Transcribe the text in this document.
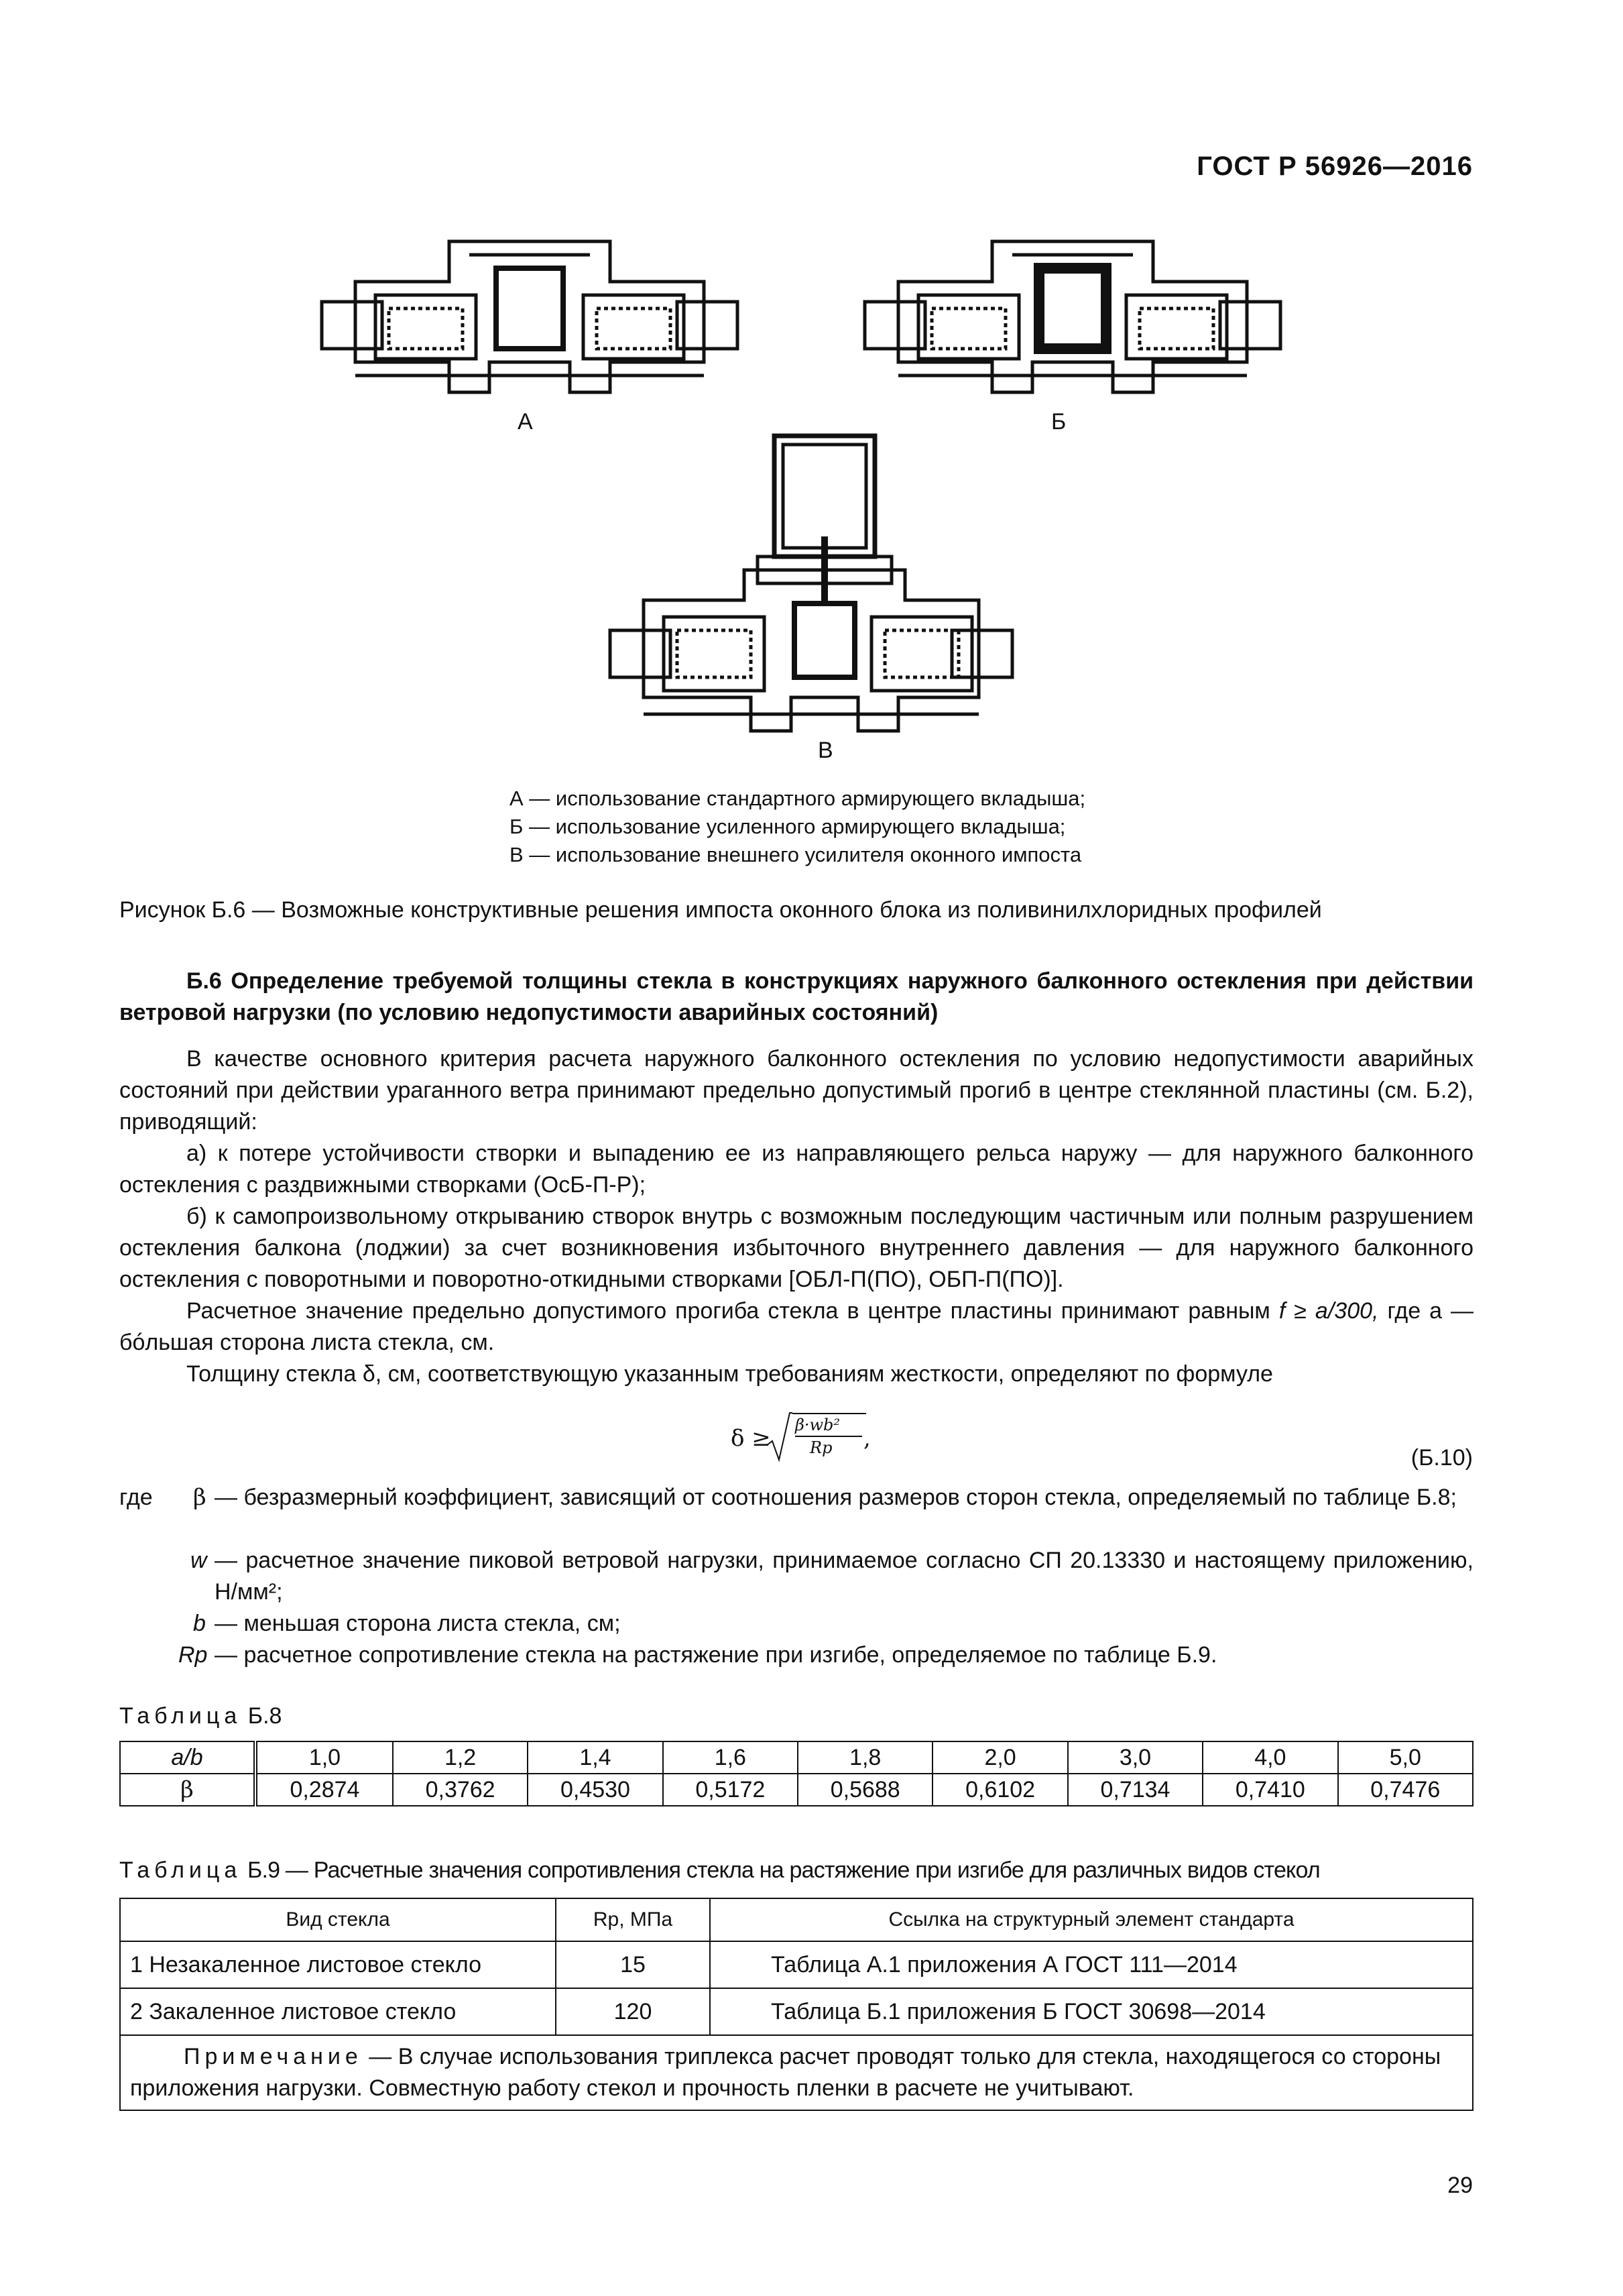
ГОСТ Р 56926—2016
А	Б
В
А — использование стандартного армирующего вкладыша;
Б — использование усиленного армирующего вкладыша;
В — использование внешнего усилителя оконного импоста
Рисунок Б.6 — Возможные конструктивные решения импоста оконного блока из поливинилхлоридных профилей

Б.6 Определение требуемой толщины стекла в конструкциях наружного балконного остекления при действии ветровой нагрузки (по условию недопустимости аварийных состояний)

В качестве основного критерия расчета наружного балконного остекления по условию недопустимости аварийных состояний при действии ураганного ветра принимают предельно допустимый прогиб в центре стеклянной пластины (см. Б.2), приводящий:

а) к потере устойчивости створки и выпадению ее из направляющего рельса наружу — для наружного балконного остекления с раздвижными створками (ОсБ-П-Р);

б) к самопроизвольному открыванию створок внутрь с возможным последующим частичным или полным разрушением остекления балкона (лоджии) за счет возникновения избыточного внутреннего давления — для наружного балконного остекления с поворотными и поворотно-откидными створками [ОБЛ-П(ПО), ОБП-П(ПО)].

Расчетное значение предельно допустимого прогиба стекла в центре пластины принимают равным f ≥ a/300, где a — бóльшая сторона листа стекла, см.

Толщину стекла δ, см, соответствующую указанным требованиям жесткости, определяют по формуле

δ ≥ β·wb²
Rp ,
(Б.10)
где β — безразмерный коэффициент, зависящий от соотношения размеров сторон стекла, определяемый по таблице Б.8;
w — расчетное значение пиковой ветровой нагрузки, принимаемое согласно СП 20.13330 и настоящему приложению, Н/мм²;
b — меньшая сторона листа стекла, см;
Rp — расчетное сопротивление стекла на растяжение при изгибе, определяемое по таблице Б.9.
Таблица Б.8
a/b	1,0	1,2	1,4	1,6	1,8	2,0	3,0	4,0	5,0
β	0,2874	0,3762	0,4530	0,5172	0,5688	0,6102	0,7134	0,7410	0,7476
Таблица Б.9 — Расчетные значения сопротивления стекла на растяжение при изгибе для различных видов стекол
Вид стекла	Rp, МПа	Ссылка на структурный элемент стандарта
1 Незакаленное листовое стекло	15	Таблица А.1 приложения А ГОСТ 111—2014
2 Закаленное листовое стекло	120	Таблица Б.1 приложения Б ГОСТ 30698—2014
Примечание — В случае использования триплекса расчет проводят только для стекла, находящегося со стороны приложения нагрузки. Совместную работу стекол и прочность пленки в расчете не учитывают.		
29
